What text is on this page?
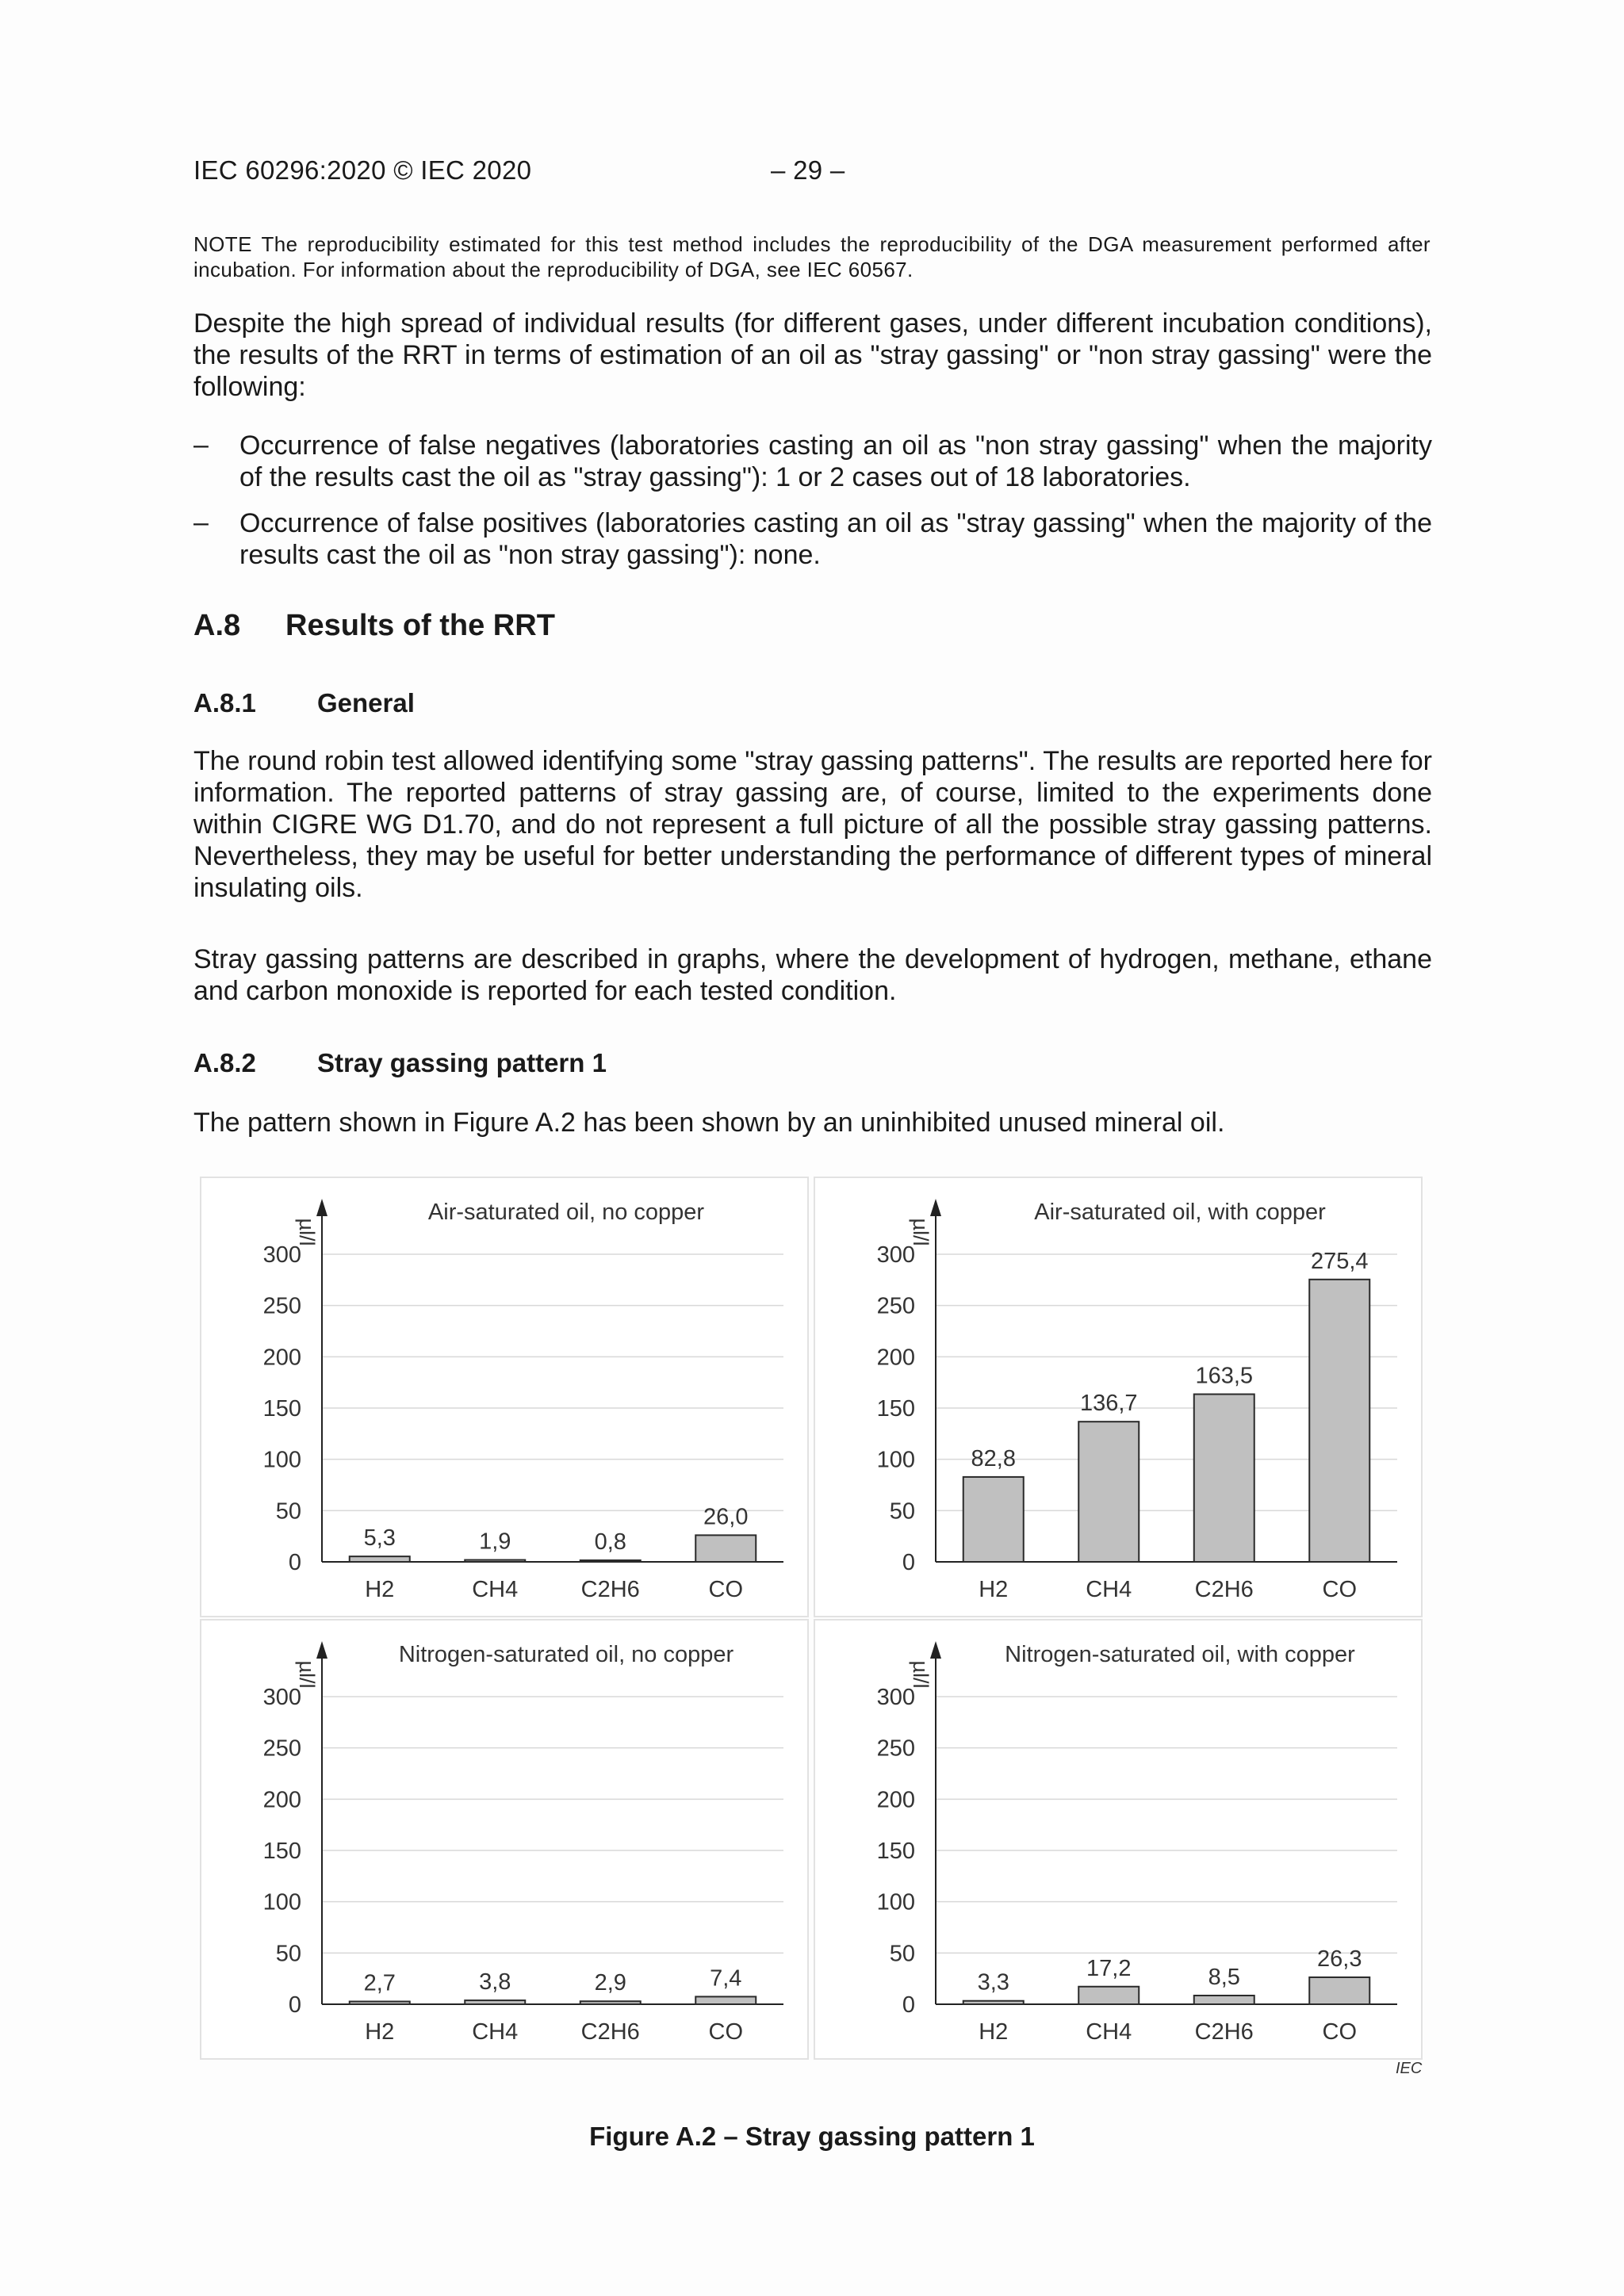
IEC 60296:2020 © IEC 2020	– 29 –
NOTE The reproducibility estimated for this test method includes the reproducibility of the DGA measurement performed after incubation. For information about the reproducibility of DGA, see IEC 60567.
Despite the high spread of individual results (for different gases, under different incubation conditions), the results of the RRT in terms of estimation of an oil as "stray gassing" or "non stray gassing" were the following:
– Occurrence of false negatives (laboratories casting an oil as "non stray gassing" when the majority of the results cast the oil as "stray gassing"): 1 or 2 cases out of 18 laboratories.
– Occurrence of false positives (laboratories casting an oil as "stray gassing" when the majority of the results cast the oil as "non stray gassing"): none.
A.8 Results of the RRT
A.8.1 General
The round robin test allowed identifying some "stray gassing patterns". The results are reported here for information. The reported patterns of stray gassing are, of course, limited to the experiments done within CIGRE WG D1.70, and do not represent a full picture of all the possible stray gassing patterns. Nevertheless, they may be useful for better understanding the performance of different types of mineral insulating oils.
Stray gassing patterns are described in graphs, where the development of hydrogen, methane, ethane and carbon monoxide is reported for each tested condition.
A.8.2 Stray gassing pattern 1
The pattern shown in Figure A.2 has been shown by an uninhibited unused mineral oil.
Air-saturated oil, no copper
µl/l
0
50
100
150
200
250
300
5,3
H2
1,9
CH4
0,8
C2H6
26,0
CO
Air-saturated oil, with copper
µl/l
0
50
100
150
200
250
300
82,8
H2
136,7
CH4
163,5
C2H6
275,4
CO
Nitrogen-saturated oil, no copper
µl/l
0
50
100
150
200
250
300
2,7
H2
3,8
CH4
2,9
C2H6
7,4
CO
Nitrogen-saturated oil, with copper
µl/l
0
50
100
150
200
250
300
3,3
H2
17,2
CH4
8,5
C2H6
26,3
CO
IEC
Figure A.2 – Stray gassing pattern 1
